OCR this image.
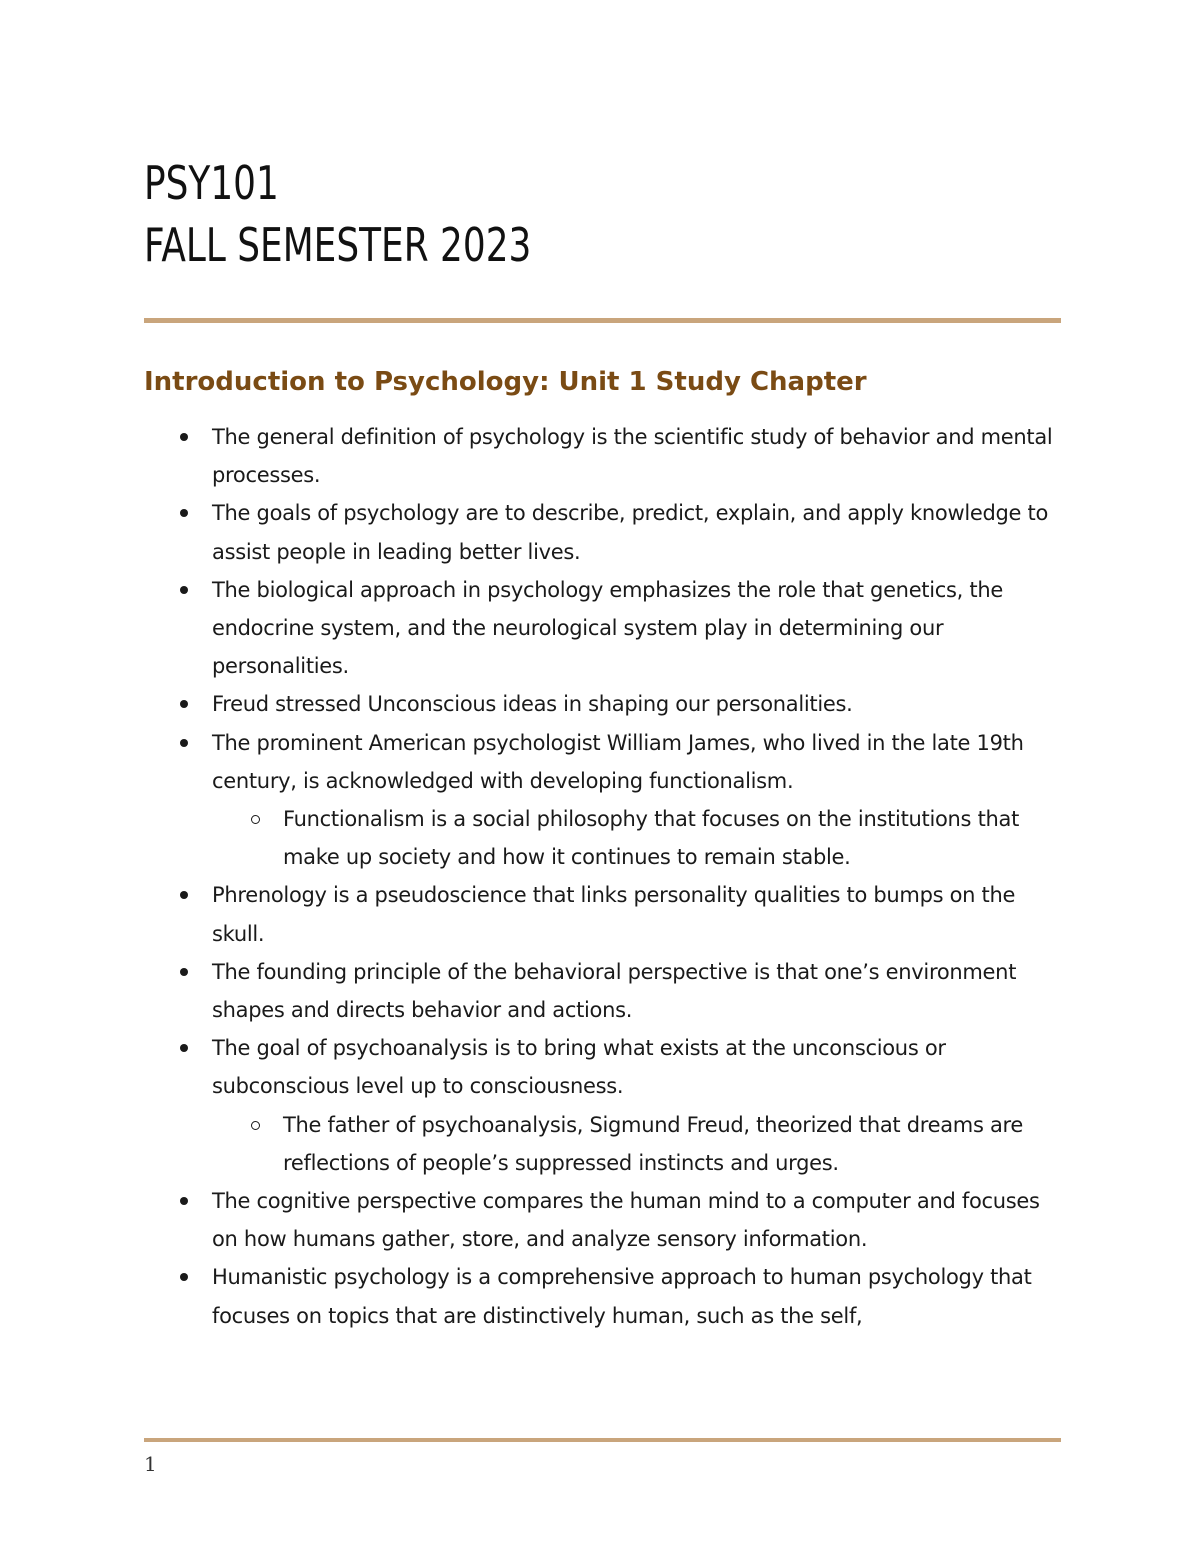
PSY101
FALL SEMESTER 2023
Introduction to Psychology: Unit 1 Study Chapter
The general definition of psychology is the scientific study of behavior and mental processes.
The goals of psychology are to describe, predict, explain, and apply knowledge to assist people in leading better lives.
The biological approach in psychology emphasizes the role that genetics, the endocrine system, and the neurological system play in determining our personalities.
Freud stressed Unconscious ideas in shaping our personalities.
The prominent American psychologist William James, who lived in the late 19th century, is acknowledged with developing functionalism.
Functionalism is a social philosophy that focuses on the institutions that make up society and how it continues to remain stable.
Phrenology is a pseudoscience that links personality qualities to bumps on the skull.
The founding principle of the behavioral perspective is that one’s environment shapes and directs behavior and actions.
The goal of psychoanalysis is to bring what exists at the unconscious or subconscious level up to consciousness.
The father of psychoanalysis, Sigmund Freud, theorized that dreams are reflections of people’s suppressed instincts and urges.
The cognitive perspective compares the human mind to a computer and focuses on how humans gather, store, and analyze sensory information.
Humanistic psychology is a comprehensive approach to human psychology that focuses on topics that are distinctively human, such as the self,
1
